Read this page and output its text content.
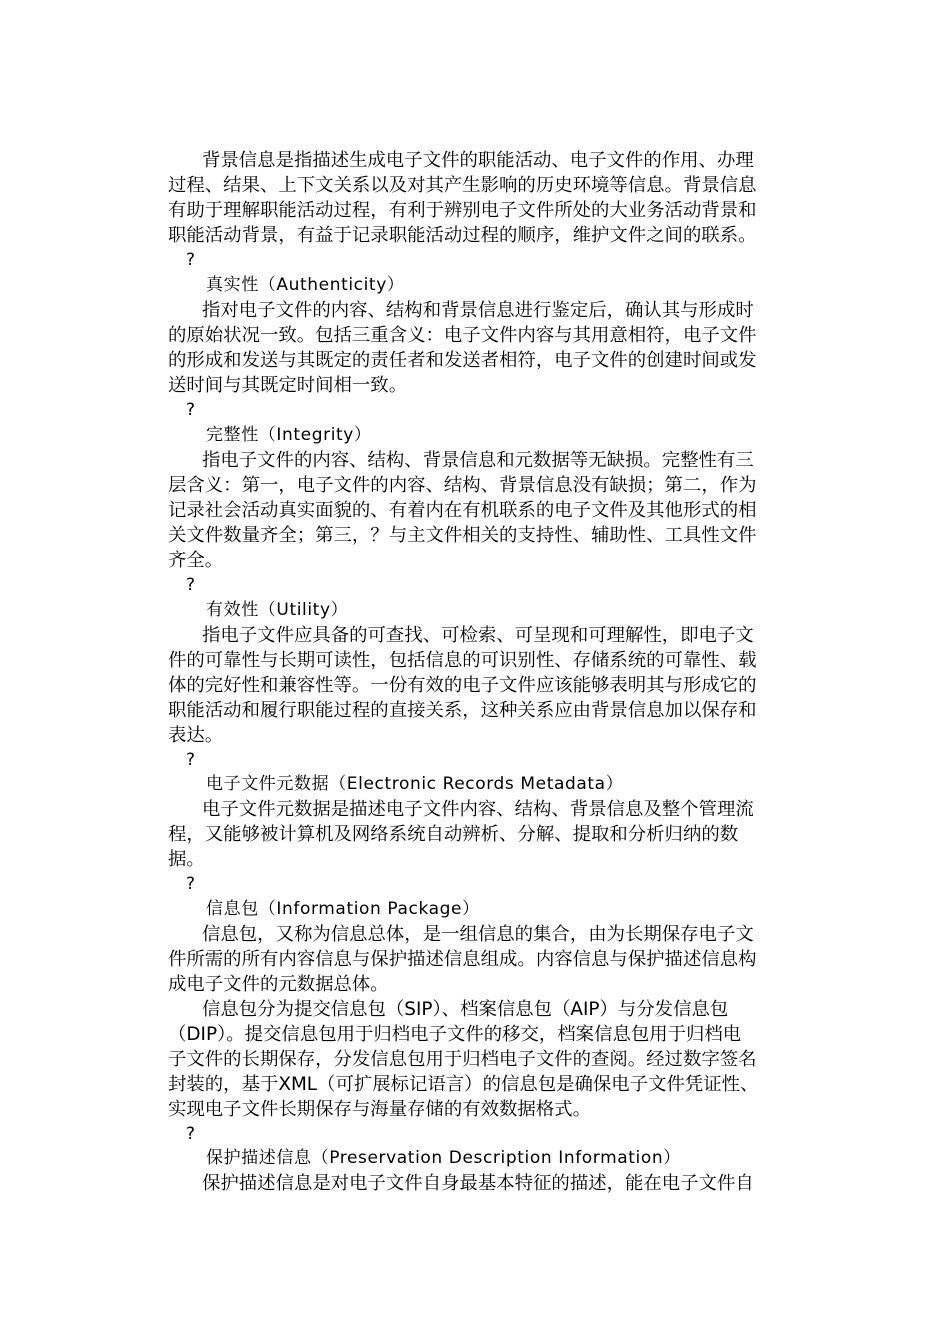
背景信息是指描述生成电子文件的职能活动、电子文件的作用、办理
过程、结果、上下文关系以及对其产生影响的历史环境等信息。背景信息
有助于理解职能活动过程，有利于辨别电子文件所处的大业务活动背景和
职能活动背景，有益于记录职能活动过程的顺序，维护文件之间的联系。
?
真实性（Authenticity）
指对电子文件的内容、结构和背景信息进行鉴定后，确认其与形成时
的原始状况一致。包括三重含义：电子文件内容与其用意相符，电子文件
的形成和发送与其既定的责任者和发送者相符，电子文件的创建时间或发
送时间与其既定时间相一致。
?
完整性（Integrity）
指电子文件的内容、结构、背景信息和元数据等无缺损。完整性有三
层含义：第一，电子文件的内容、结构、背景信息没有缺损；第二，作为
记录社会活动真实面貌的、有着内在有机联系的电子文件及其他形式的相
关文件数量齐全；第三，？与主文件相关的支持性、辅助性、工具性文件
齐全。
?
有效性（Utility）
指电子文件应具备的可查找、可检索、可呈现和可理解性，即电子文
件的可靠性与长期可读性，包括信息的可识别性、存储系统的可靠性、载
体的完好性和兼容性等。一份有效的电子文件应该能够表明其与形成它的
职能活动和履行职能过程的直接关系，这种关系应由背景信息加以保存和
表达。
?
电子文件元数据（Electronic Records Metadata）
电子文件元数据是描述电子文件内容、结构、背景信息及整个管理流
程，又能够被计算机及网络系统自动辨析、分解、提取和分析归纳的数
据。
?
信息包（Information Package）
信息包，又称为信息总体，是一组信息的集合，由为长期保存电子文
件所需的所有内容信息与保护描述信息组成。内容信息与保护描述信息构
成电子文件的元数据总体。
信息包分为提交信息包（SIP）、档案信息包（AIP）与分发信息包
（DIP）。提交信息包用于归档电子文件的移交，档案信息包用于归档电
子文件的长期保存，分发信息包用于归档电子文件的查阅。经过数字签名
封装的，基于XML（可扩展标记语言）的信息包是确保电子文件凭证性、
实现电子文件长期保存与海量存储的有效数据格式。
?
保护描述信息（Preservation Description Information）
保护描述信息是对电子文件自身最基本特征的描述，能在电子文件自
